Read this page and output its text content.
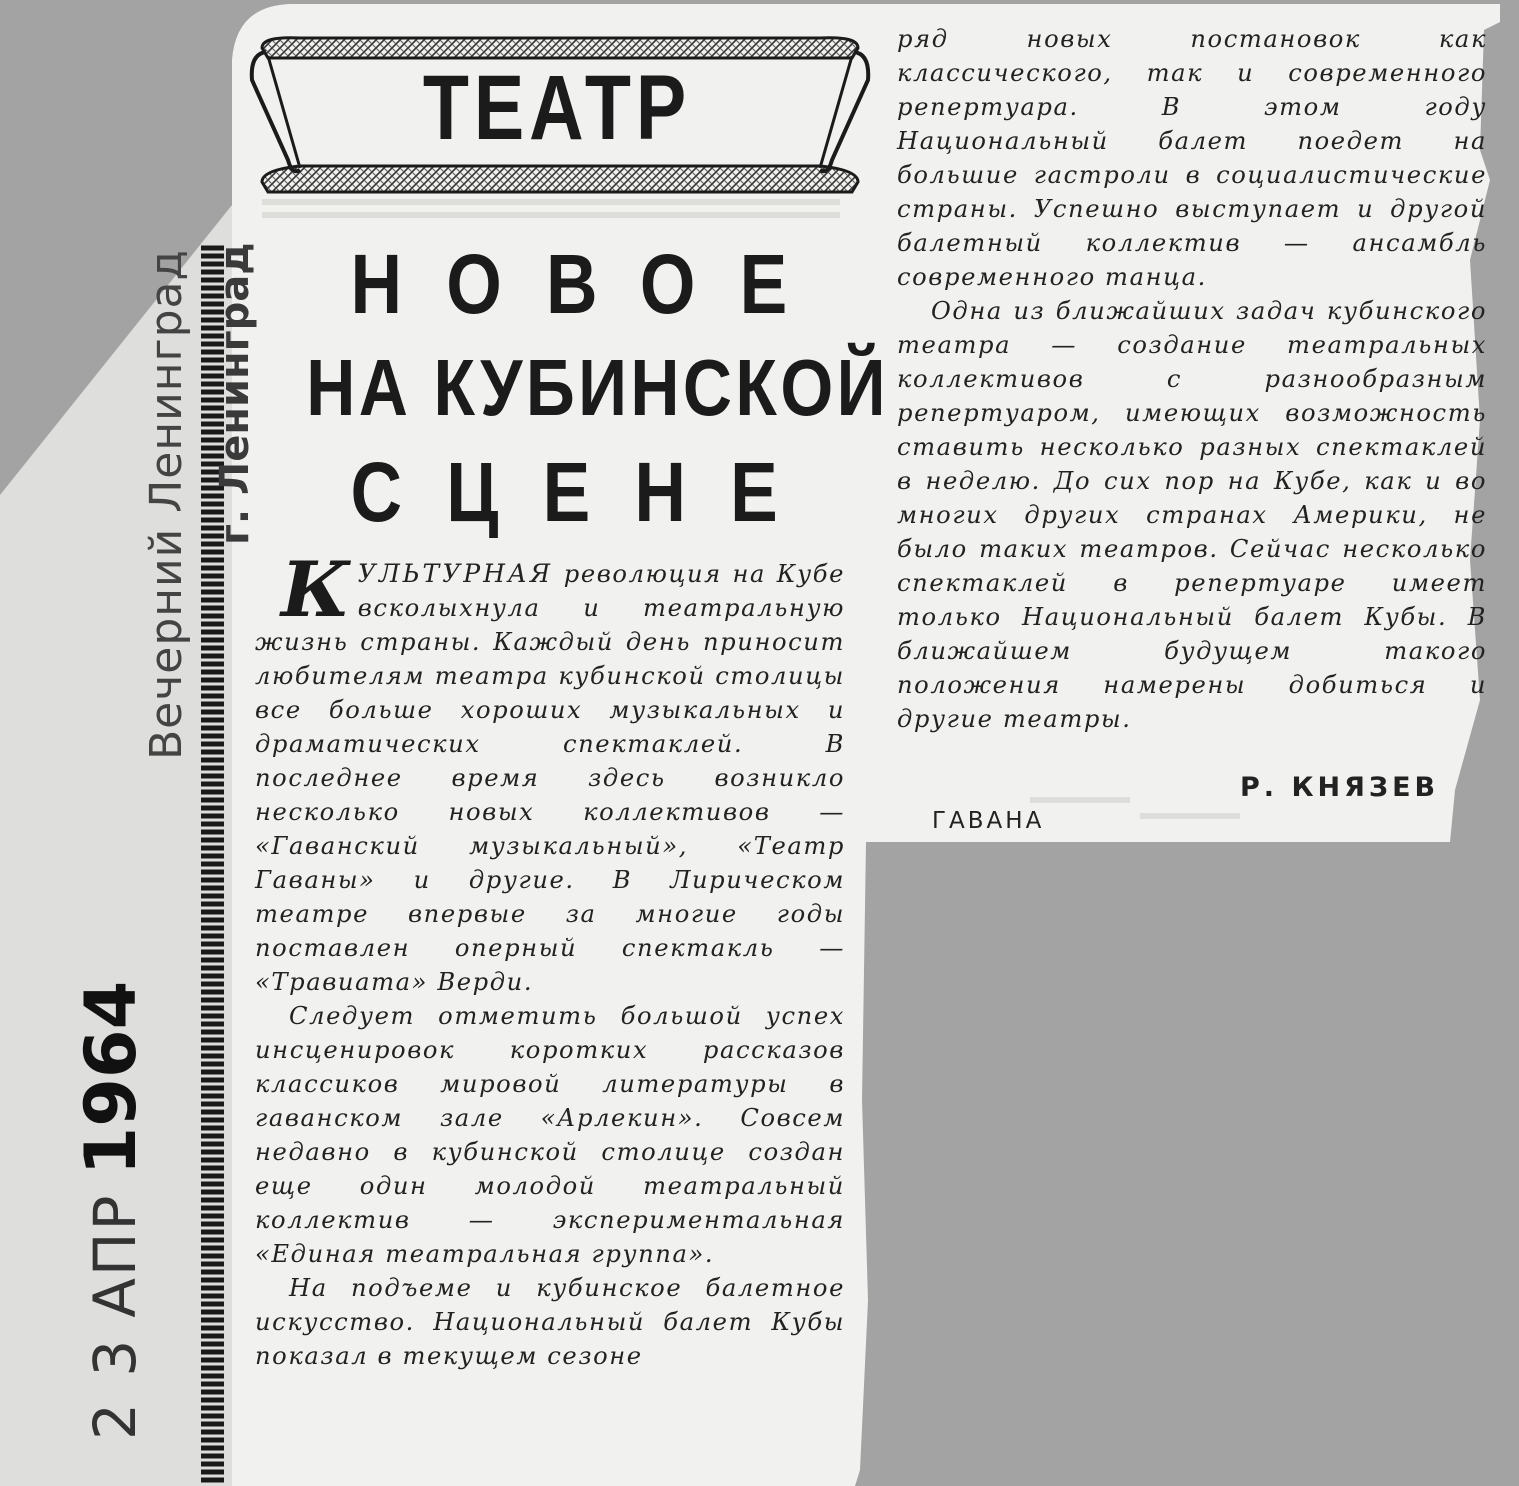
Вечерний Ленинград г. Ленинград
2 3АПР1964
ТЕАТР
НОВОЕ
НА КУБИНСКОЙ
СЦЕНЕ

КУЛЬТУРНАЯ революция на Кубе всколыхнула и театральную жизнь страны. Каждый день приносит любителям театра кубинской столицы все больше хороших музыкальных и драматических спектаклей. В последнее время здесь возникло несколько новых коллективов — «Гаванский музыкальный», «Театр Гаваны» и другие. В Лирическом театре впервые за многие годы поставлен оперный спектакль — «Травиата» Верди.

Следует отметить большой успех инсценировок коротких рассказов классиков мировой литературы в гаванском зале «Арлекин». Совсем недавно в кубинской столице создан еще один молодой театральный коллектив — экспериментальная «Единая театральная группа».

На подъеме и кубинское балетное искусство. Национальный балет Кубы показал в текущем сезоне

ряд новых постановок как классического, так и современного репертуара. В этом году Национальный балет поедет на большие гастроли в социалистические страны. Успешно выступает и другой балетный коллектив — ансамбль современного танца.

Одна из ближайших задач кубинского театра — создание театральных коллективов с разнообразным репертуаром, имеющих возможность ставить несколько разных спектаклей в неделю. До сих пор на Кубе, как и во многих других странах Америки, не было таких театров. Сейчас несколько спектаклей в репертуаре имеет только Национальный балет Кубы. В ближайшем будущем такого положения намерены добиться и другие театры.

Р. КНЯЗЕВ
ГАВАНА
